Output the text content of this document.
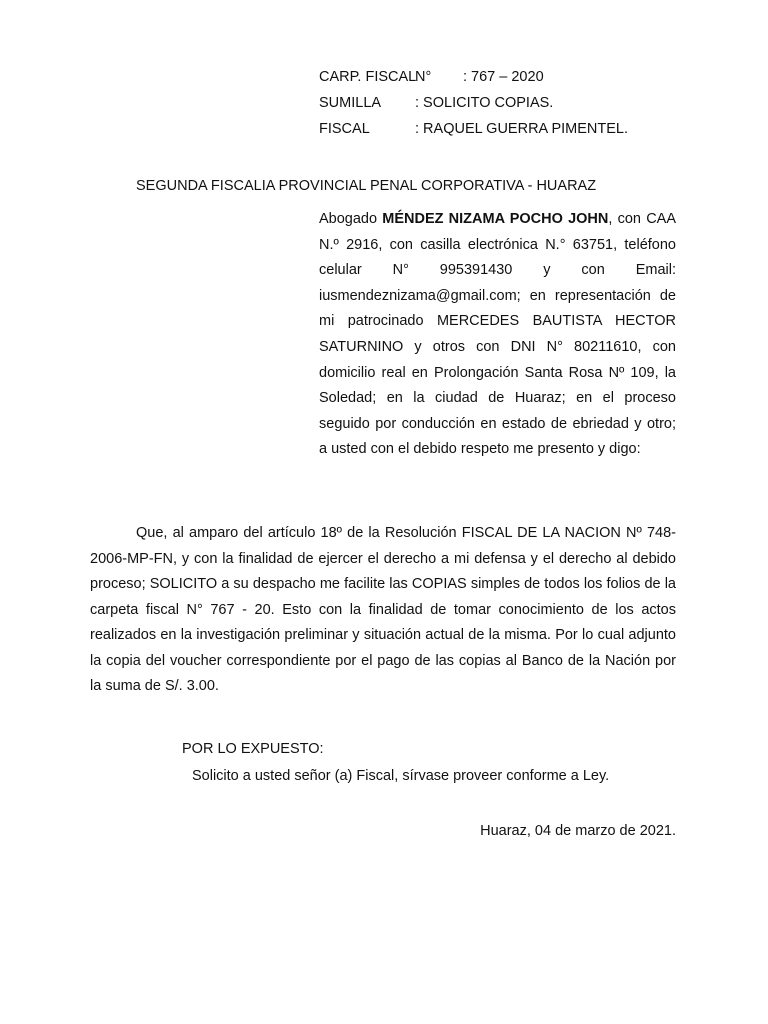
CARP. FISCALN° : 767 – 2020
SUMILLA : SOLICITO COPIAS.
FISCAL	: RAQUEL GUERRA PIMENTEL.
SEGUNDA FISCALIA PROVINCIAL PENAL CORPORATIVA - HUARAZ
Abogado MÉNDEZ NIZAMA POCHO JOHN, con CAA N.º 2916, con casilla electrónica N.° 63751, teléfono celular N° 995391430 y con Email: iusmendeznizama@gmail.com; en representación de mi patrocinado MERCEDES BAUTISTA HECTOR SATURNINO y otros con DNI N° 80211610, con domicilio real en Prolongación Santa Rosa Nº 109, la Soledad; en la ciudad de Huaraz; en el proceso seguido por conducción en estado de ebriedad y otro; a usted con el debido respeto me presento y digo:
Que, al amparo del artículo 18º de la Resolución FISCAL DE LA NACION Nº 748-2006-MP-FN, y con la finalidad de ejercer el derecho a mi defensa y el derecho al debido proceso; SOLICITO a su despacho me facilite las COPIAS simples de todos los folios de la carpeta fiscal N° 767 - 20. Esto con la finalidad de tomar conocimiento de los actos realizados en la investigación preliminar y situación actual de la misma. Por lo cual adjunto la copia del voucher correspondiente por el pago de las copias al Banco de la Nación por la suma de S/. 3.00.
POR LO EXPUESTO:
Solicito a usted señor (a) Fiscal, sírvase proveer conforme a Ley.
Huaraz, 04 de marzo de 2021.
